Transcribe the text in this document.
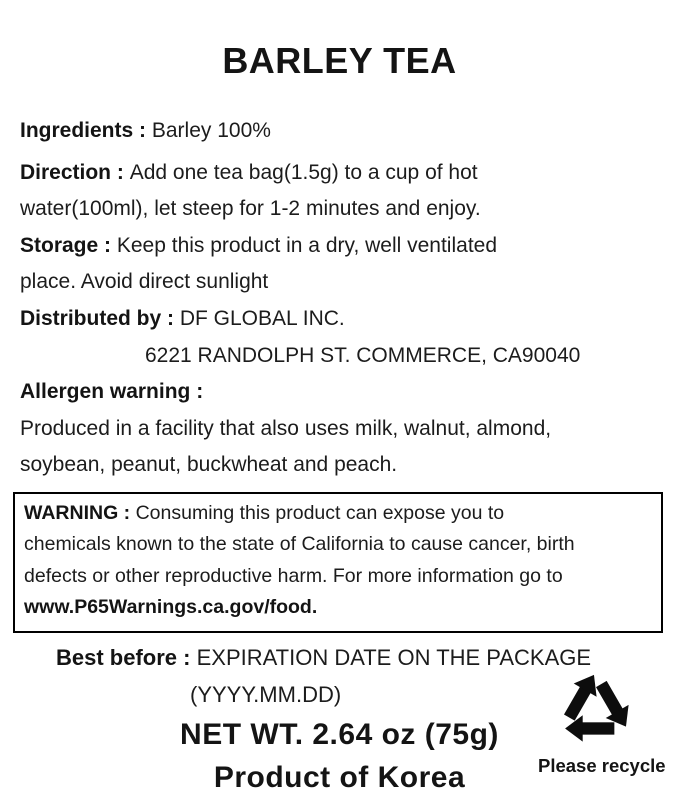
BARLEY TEA
Ingredients : Barley 100%
Direction : Add one tea bag(1.5g) to a cup of hot
water(100ml), let steep for 1-2 minutes and enjoy.
Storage : Keep this product in a dry, well ventilated
place. Avoid direct sunlight
Distributed by : DF GLOBAL INC.
6221 RANDOLPH ST. COMMERCE, CA90040
Allergen warning :
Produced in a facility that also uses milk, walnut, almond,
soybean, peanut, buckwheat and peach.
WARNING : Consuming this product can expose you to
chemicals known to the state of California to cause cancer, birth
defects or other reproductive harm. For more information go to
www.P65Warnings.ca.gov/food.
Best before : EXPIRATION DATE ON THE PACKAGE
(YYYY.MM.DD)
NET WT. 2.64 oz (75g)
Product of Korea	Please recycle
